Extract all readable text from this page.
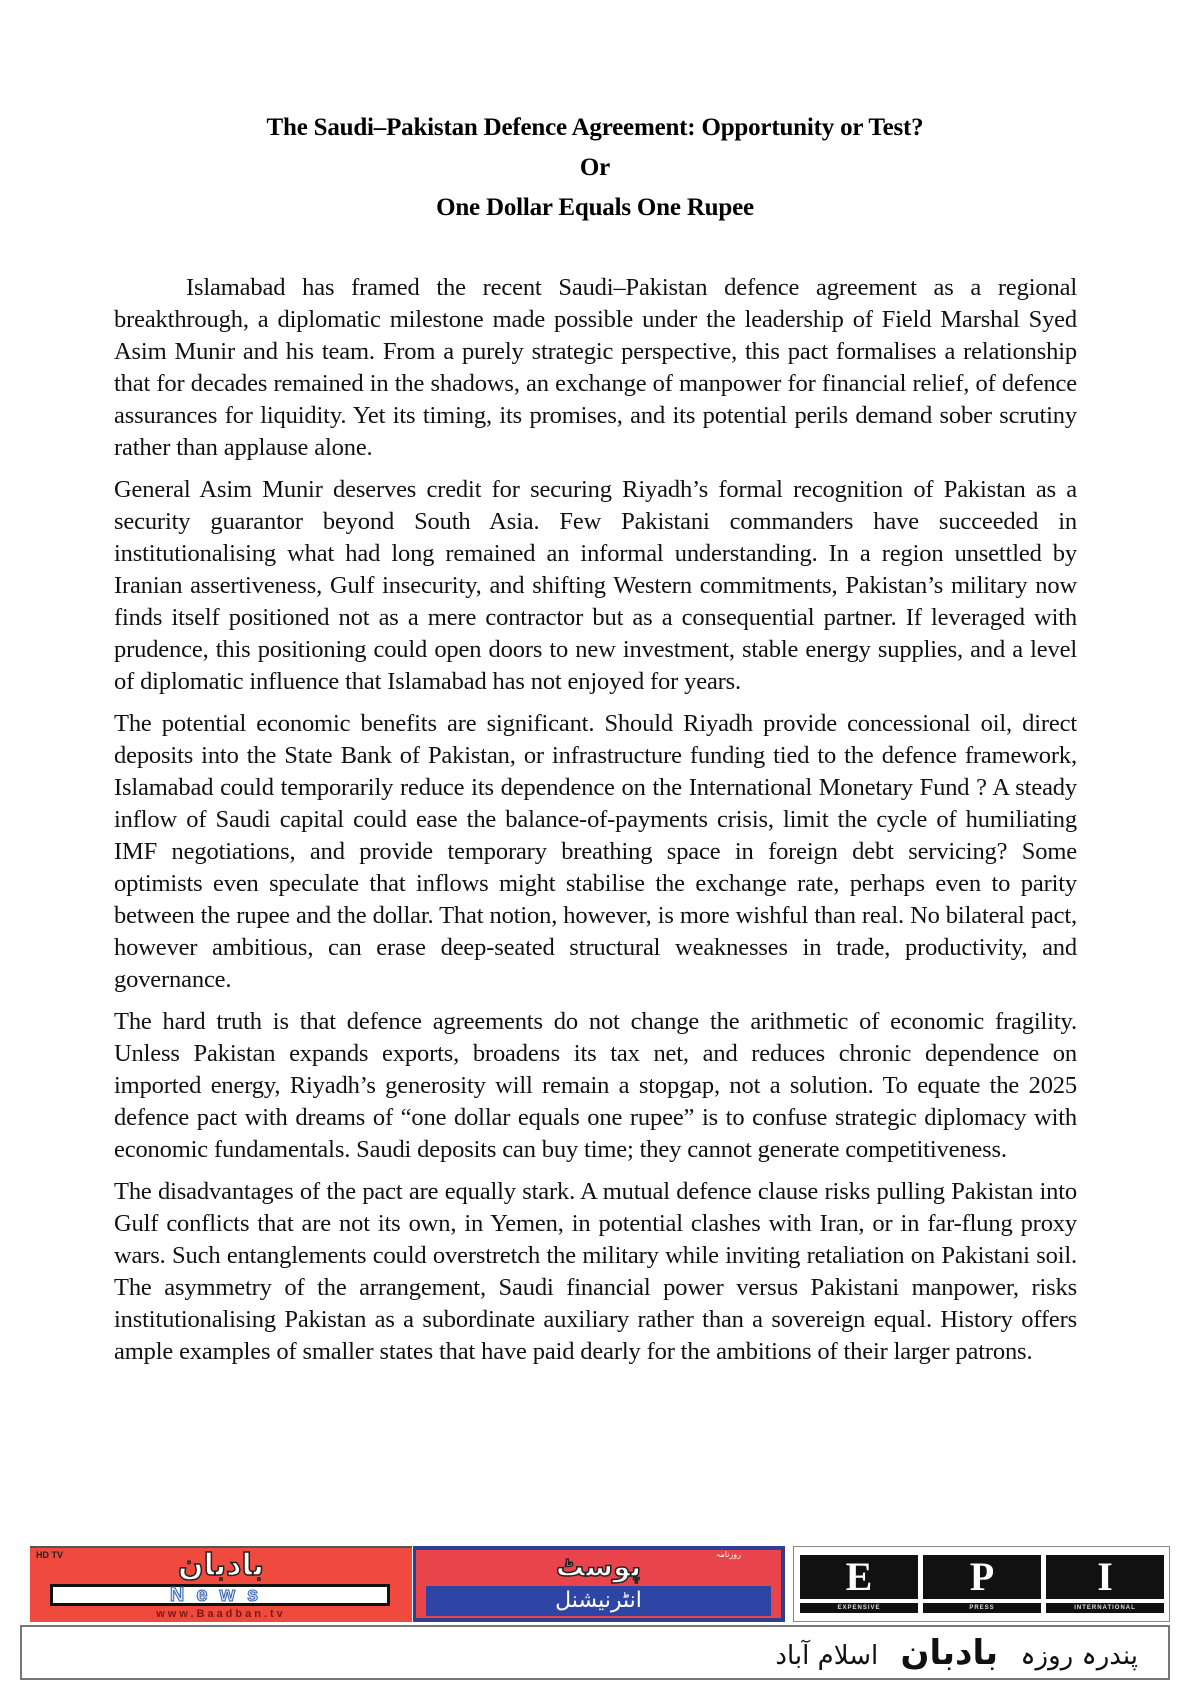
The Saudi–Pakistan Defence Agreement: Opportunity or Test?
Or
One Dollar Equals One Rupee

Islamabad has framed the recent Saudi–Pakistan defence agreement as a regional breakthrough, a diplomatic milestone made possible under the leadership of Field Marshal Syed Asim Munir and his team. From a purely strategic perspective, this pact formalises a relationship that for decades remained in the shadows, an exchange of manpower for financial relief, of defence assurances for liquidity. Yet its timing, its promises, and its potential perils demand sober scrutiny rather than applause alone.

General Asim Munir deserves credit for securing Riyadh’s formal recognition of Pakistan as a security guarantor beyond South Asia. Few Pakistani commanders have succeeded in institutionalising what had long remained an informal understanding. In a region unsettled by Iranian assertiveness, Gulf insecurity, and shifting Western commitments, Pakistan’s military now finds itself positioned not as a mere contractor but as a consequential partner. If leveraged with prudence, this positioning could open doors to new investment, stable energy supplies, and a level of diplomatic influence that Islamabad has not enjoyed for years.

The potential economic benefits are significant. Should Riyadh provide concessional oil, direct deposits into the State Bank of Pakistan, or infrastructure funding tied to the defence framework, Islamabad could temporarily reduce its dependence on the International Monetary Fund ? A steady inflow of Saudi capital could ease the balance-of-payments crisis, limit the cycle of humiliating IMF negotiations, and provide temporary breathing space in foreign debt servicing? Some optimists even speculate that inflows might stabilise the exchange rate, perhaps even to parity between the rupee and the dollar. That notion, however, is more wishful than real. No bilateral pact, however ambitious, can erase deep-seated structural weaknesses in trade, productivity, and governance.

The hard truth is that defence agreements do not change the arithmetic of economic fragility. Unless Pakistan expands exports, broadens its tax net, and reduces chronic dependence on imported energy, Riyadh’s generosity will remain a stopgap, not a solution. To equate the 2025 defence pact with dreams of “one dollar equals one rupee” is to confuse strategic diplomacy with economic fundamentals. Saudi deposits can buy time; they cannot generate competitiveness.

The disadvantages of the pact are equally stark. A mutual defence clause risks pulling Pakistan into Gulf conflicts that are not its own, in Yemen, in potential clashes with Iran, or in far-flung proxy wars. Such entanglements could overstretch the military while inviting retaliation on Pakistani soil. The asymmetry of the arrangement, Saudi financial power versus Pakistani manpower, risks institutionalising Pakistan as a subordinate auxiliary rather than a sovereign equal. History offers ample examples of smaller states that have paid dearly for the ambitions of their larger patrons.

HD TV	بادبان
News
www.Baadban.tv
روزنامہ
پوسٹ
انٹرنیشنل
E	P	I
EXPENSIVE	PRESS	INTERNATIONAL
پندرہ روزہ بادبان اسلام آباد
